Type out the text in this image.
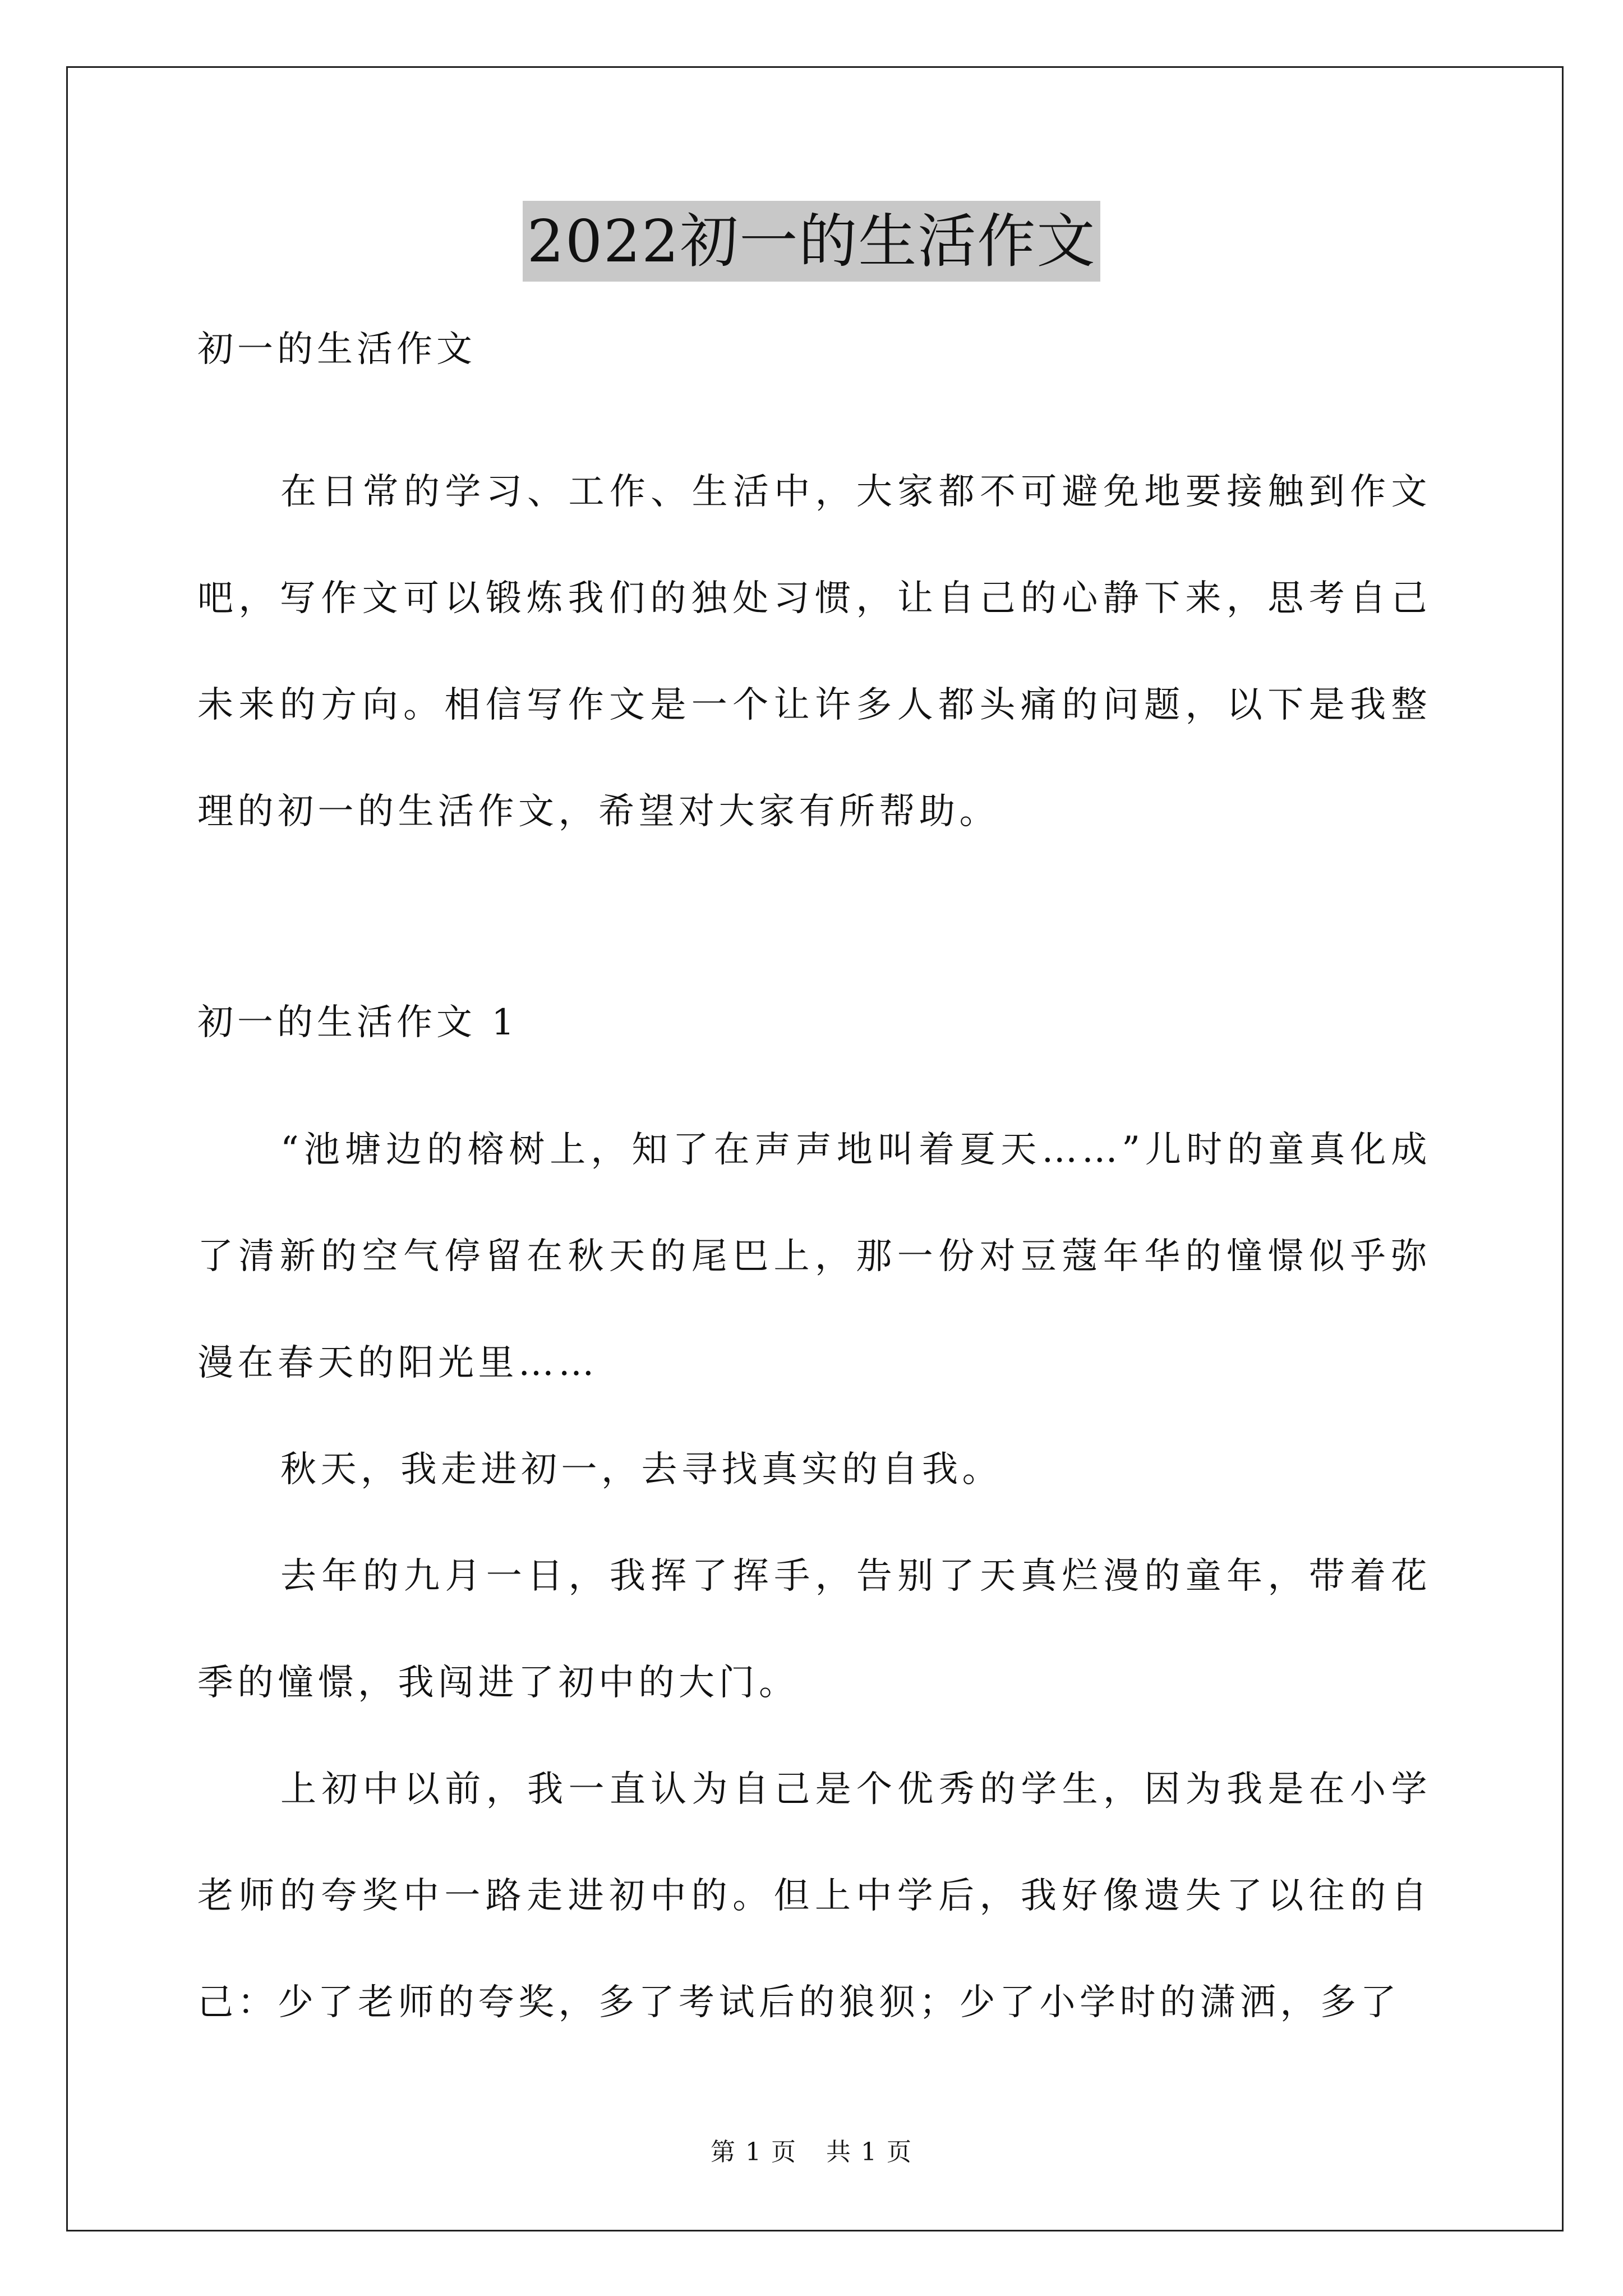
2022初一的生活作文
初一的生活作文

在日常的学习、工作、生活中，大家都不可避免地要接触到作文吧，写作文可以锻炼我们的独处习惯，让自己的心静下来，思考自己未来的方向。相信写作文是一个让许多人都头痛的问题，以下是我整理的初一的生活作文，希望对大家有所帮助。

初一的生活作文 1

“池塘边的榕树上，知了在声声地叫着夏天……”儿时的童真化成了清新的空气停留在秋天的尾巴上，那一份对豆蔻年华的憧憬似乎弥漫在春天的阳光里……

秋天，我走进初一，去寻找真实的自我。

去年的九月一日，我挥了挥手，告别了天真烂漫的童年，带着花季的憧憬，我闯进了初中的大门。

上初中以前，我一直认为自己是个优秀的学生，因为我是在小学老师的夸奖中一路走进初中的。但上中学后，我好像遗失了以往的自己：少了老师的夸奖，多了考试后的狼狈；少了小学时的潇洒，多了

第 1 页 共 1 页
